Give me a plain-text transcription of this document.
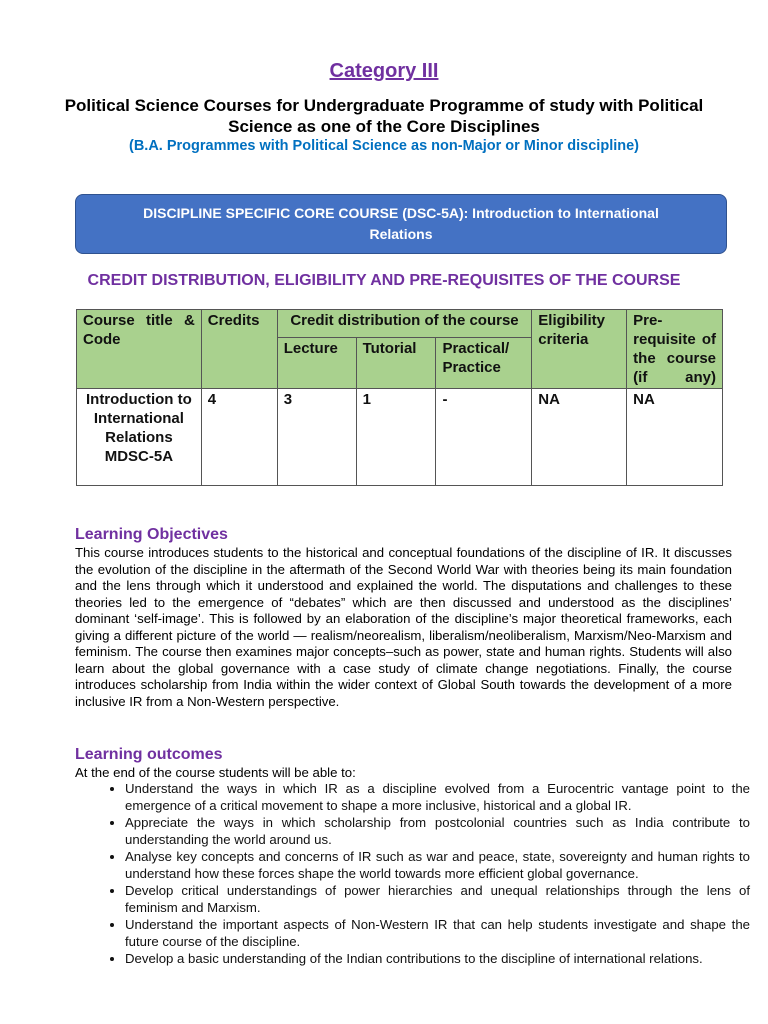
Category III
Political Science Courses for Undergraduate Programme of study with Political Science as one of the Core Disciplines
(B.A. Programmes with Political Science as non-Major or Minor discipline)
DISCIPLINE SPECIFIC CORE COURSE (DSC-5A): Introduction to International Relations
CREDIT DISTRIBUTION, ELIGIBILITY AND PRE-REQUISITES OF THE COURSE
Course title & Code	Credits	Credit distribution of the course			Eligibility criteria	Pre-requisite of the course (if any)
		Lecture	Tutorial	Practical/ Practice		
Introduction to International Relations MDSC-5A	4	3	1	-	NA	NA
Learning Objectives
This course introduces students to the historical and conceptual foundations of the discipline of IR. It discusses the evolution of the discipline in the aftermath of the Second World War with theories being its main foundation and the lens through which it understood and explained the world. The disputations and challenges to these theories led to the emergence of “debates” which are then discussed and understood as the disciplines’ dominant ‘self-image’. This is followed by an elaboration of the discipline’s major theoretical frameworks, each giving a different picture of the world — realism/neorealism, liberalism/neoliberalism, Marxism/Neo-Marxism and feminism. The course then examines major concepts–such as power, state and human rights. Students will also learn about the global governance with a case study of climate change negotiations. Finally, the course introduces scholarship from India within the wider context of Global South towards the development of a more inclusive IR from a Non-Western perspective.
Learning outcomes
At the end of the course students will be able to:
• Understand the ways in which IR as a discipline evolved from a Eurocentric vantage point to the emergence of a critical movement to shape a more inclusive, historical and a global IR.
• Appreciate the ways in which scholarship from postcolonial countries such as India contribute to understanding the world around us.
• Analyse key concepts and concerns of IR such as war and peace, state, sovereignty and human rights to understand how these forces shape the world towards more efficient global governance.
• Develop critical understandings of power hierarchies and unequal relationships through the lens of feminism and Marxism.
• Understand the important aspects of Non-Western IR that can help students investigate and shape the future course of the discipline.
• Develop a basic understanding of the Indian contributions to the discipline of international relations.
